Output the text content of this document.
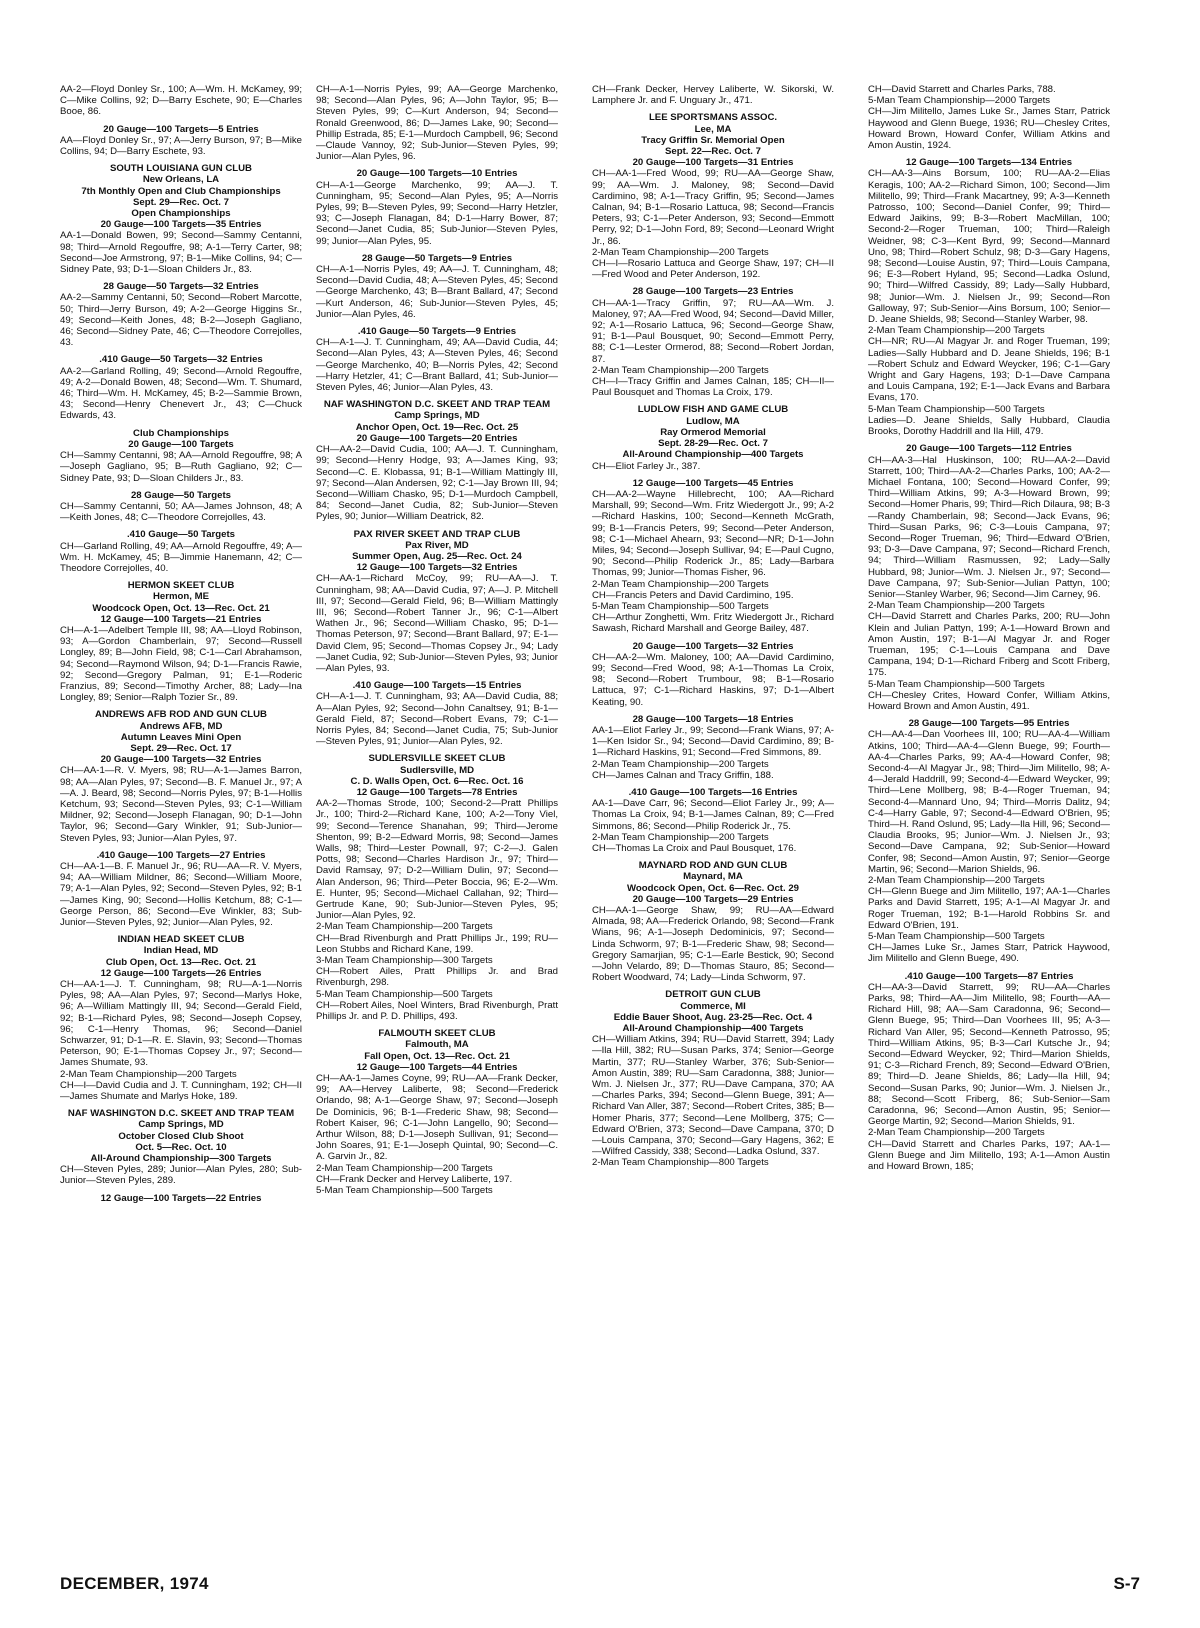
AA-2—Floyd Donley Sr., 100; A—Wm. H. McKamey, 99; C—Mike Collins, 92; D—Barry Eschete, 90; E—Charles Booe, 86.

20 Gauge—100 Targets—5 Entries

AA—Floyd Donley Sr., 97; A—Jerry Burson, 97; B—Mike Collins, 94; D—Barry Eschete, 93.

SOUTH LOUISIANA GUN CLUB
New Orleans, LA
7th Monthly Open and Club Championships
Sept. 29—Rec. Oct. 7
Open Championships
20 Gauge—100 Targets—35 Entries

AA-1—Donald Bowen, 99; Second—Sammy Centanni, 98; Third—Arnold Regouffre, 98; A-1—Terry Carter, 98; Second—Joe Armstrong, 97; B-1—Mike Collins, 94; C—Sidney Pate, 93; D-1—Sloan Childers Jr., 83.

28 Gauge—50 Targets—32 Entries

AA-2—Sammy Centanni, 50; Second—Robert Marcotte, 50; Third—Jerry Burson, 49; A-2—George Higgins Sr., 49; Second—Keith Jones, 48; B-2—Joseph Gagliano, 46; Second—Sidney Pate, 46; C—Theodore Correjolles, 43.

.410 Gauge—50 Targets—32 Entries

AA-2—Garland Rolling, 49; Second—Arnold Regouffre, 49; A-2—Donald Bowen, 48; Second—Wm. T. Shumard, 46; Third—Wm. H. McKamey, 45; B-2—Sammie Brown, 43; Second—Henry Chenevert Jr., 43; C—Chuck Edwards, 43.

Club Championships
20 Gauge—100 Targets

CH—Sammy Centanni, 98; AA—Arnold Regouffre, 98; A—Joseph Gagliano, 95; B—Ruth Gagliano, 92; C—Sidney Pate, 93; D—Sloan Childers Jr., 83.

28 Gauge—50 Targets

CH—Sammy Centanni, 50; AA—James Johnson, 48; A—Keith Jones, 48; C—Theodore Correjolles, 43.

.410 Gauge—50 Targets

CH—Garland Rolling, 49; AA—Arnold Regouffre, 49; A—Wm. H. McKamey, 45; B—Jimmie Hanemann, 42; C—Theodore Correjolles, 40.

HERMON SKEET CLUB
Hermon, ME
Woodcock Open, Oct. 13—Rec. Oct. 21
12 Gauge—100 Targets—21 Entries

CH—A-1—Adelbert Temple III, 98; AA—Lloyd Robinson, 93; A—Gordon Chamberlain, 97; Second—Russell Longley, 89; B—John Field, 98; C-1—Carl Abrahamson, 94; Second—Raymond Wilson, 94; D-1—Francis Rawie, 92; Second—Gregory Palman, 91; E-1—Roderic Franzius, 89; Second—Timothy Archer, 88; Lady—Ina Longley, 89; Senior—Ralph Tozier Sr., 89.

ANDREWS AFB ROD AND GUN CLUB
Andrews AFB, MD
Autumn Leaves Mini Open
Sept. 29—Rec. Oct. 17
20 Gauge—100 Targets—32 Entries

CH—AA-1—R. V. Myers, 98; RU—A-1—James Barron, 98; AA—Alan Pyles, 97; Second—B. F. Manuel Jr., 97; A—A. J. Beard, 98; Second—Norris Pyles, 97; B-1—Hollis Ketchum, 93; Second—Steven Pyles, 93; C-1—William Mildner, 92; Second—Joseph Flanagan, 90; D-1—John Taylor, 96; Second—Gary Winkler, 91; Sub-Junior—Steven Pyles, 93; Junior—Alan Pyles, 97.

.410 Gauge—100 Targets—27 Entries

CH—AA-1—B. F. Manuel Jr., 96; RU—AA—R. V. Myers, 94; AA—William Mildner, 86; Second—William Moore, 79; A-1—Alan Pyles, 92; Second—Steven Pyles, 92; B-1—James King, 90; Second—Hollis Ketchum, 88; C-1—George Person, 86; Second—Eve Winkler, 83; Sub-Junior—Steven Pyles, 92; Junior—Alan Pyles, 92.

INDIAN HEAD SKEET CLUB
Indian Head, MD
Club Open, Oct. 13—Rec. Oct. 21
12 Gauge—100 Targets—26 Entries

CH—AA-1—J. T. Cunningham, 98; RU—A-1—Norris Pyles, 98; AA—Alan Pyles, 97; Second—Marlys Hoke, 96; A—William Mattingly III, 94; Second—Gerald Field, 92; B-1—Richard Pyles, 98; Second—Joseph Copsey, 96; C-1—Henry Thomas, 96; Second—Daniel Schwarzer, 91; D-1—R. E. Slavin, 93; Second—Thomas Peterson, 90; E-1—Thomas Copsey Jr., 97; Second—James Shumate, 93.

2-Man Team Championship—200 Targets

CH—I—David Cudia and J. T. Cunningham, 192; CH—II—James Shumate and Marlys Hoke, 189.

NAF WASHINGTON D.C. SKEET AND TRAP TEAM
Camp Springs, MD
October Closed Club Shoot
Oct. 5—Rec. Oct. 10
All-Around Championship—300 Targets

CH—Steven Pyles, 289; Junior—Alan Pyles, 280; Sub-Junior—Steven Pyles, 289.

12 Gauge—100 Targets—22 Entries

CH—A-1—Norris Pyles, 99; AA—George Marchenko, 98; Second—Alan Pyles, 96; A—John Taylor, 95; B—Steven Pyles, 99; C—Kurt Anderson, 94; Second—Ronald Greenwood, 86; D—James Lake, 90; Second—Phillip Estrada, 85; E-1—Murdoch Campbell, 96; Second—Claude Vannoy, 92; Sub-Junior—Steven Pyles, 99; Junior—Alan Pyles, 96.

20 Gauge—100 Targets—10 Entries

CH—A-1—George Marchenko, 99; AA—J. T. Cunningham, 95; Second—Alan Pyles, 95; A—Norris Pyles, 99; B—Steven Pyles, 99; Second—Harry Hetzler, 93; C—Joseph Flanagan, 84; D-1—Harry Bower, 87; Second—Janet Cudia, 85; Sub-Junior—Steven Pyles, 99; Junior—Alan Pyles, 95.

28 Gauge—50 Targets—9 Entries

CH—A-1—Norris Pyles, 49; AA—J. T. Cunningham, 48; Second—David Cudia, 48; A—Steven Pyles, 45; Second—George Marchenko, 43; B—Brant Ballard, 47; Second—Kurt Anderson, 46; Sub-Junior—Steven Pyles, 45; Junior—Alan Pyles, 46.

.410 Gauge—50 Targets—9 Entries

CH—A-1—J. T. Cunningham, 49; AA—David Cudia, 44; Second—Alan Pyles, 43; A—Steven Pyles, 46; Second—George Marchenko, 40; B—Norris Pyles, 42; Second—Harry Hetzler, 41; C—Brant Ballard, 41; Sub-Junior—Steven Pyles, 46; Junior—Alan Pyles, 43.

NAF WASHINGTON D.C. SKEET AND TRAP TEAM
Camp Springs, MD
Anchor Open, Oct. 19—Rec. Oct. 25
20 Gauge—100 Targets—20 Entries

CH—AA-2—David Cudia, 100; AA—J. T. Cunningham, 99; Second—Henry Hodge, 93; A—James King, 93; Second—C. E. Klobassa, 91; B-1—William Mattingly III, 97; Second—Alan Andersen, 92; C-1—Jay Brown III, 94; Second—William Chasko, 95; D-1—Murdoch Campbell, 84; Second—Janet Cudia, 82; Sub-Junior—Steven Pyles, 90; Junior—William Deatrick, 82.

PAX RIVER SKEET AND TRAP CLUB
Pax River, MD
Summer Open, Aug. 25—Rec. Oct. 24
12 Gauge—100 Targets—32 Entries

CH—AA-1—Richard McCoy, 99; RU—AA—J. T. Cunningham, 98; AA—David Cudia, 97; A—J. P. Mitchell III, 97; Second—Gerald Field, 96; B—William Mattingly III, 96; Second—Robert Tanner Jr., 96; C-1—Albert Wathen Jr., 96; Second—William Chasko, 95; D-1—Thomas Peterson, 97; Second—Brant Ballard, 97; E-1—David Clem, 95; Second—Thomas Copsey Jr., 94; Lady—Janet Cudia, 92; Sub-Junior—Steven Pyles, 93; Junior—Alan Pyles, 93.

.410 Gauge—100 Targets—15 Entries

CH—A-1—J. T. Cunningham, 93; AA—David Cudia, 88; A—Alan Pyles, 92; Second—John Canaltsey, 91; B-1—Gerald Field, 87; Second—Robert Evans, 79; C-1—Norris Pyles, 84; Second—Janet Cudia, 75; Sub-Junior—Steven Pyles, 91; Junior—Alan Pyles, 92.

SUDLERSVILLE SKEET CLUB
Sudlersville, MD
C. D. Walls Open, Oct. 6—Rec. Oct. 16
12 Gauge—100 Targets—78 Entries

AA-2—Thomas Strode, 100; Second-2—Pratt Phillips Jr., 100; Third-2—Richard Kane, 100; A-2—Tony Viel, 99; Second—Terence Shanahan, 99; Third—Jerome Shenton, 99; B-2—Edward Morris, 98; Second—James Walls, 98; Third—Lester Pownall, 97; C-2—J. Galen Potts, 98; Second—Charles Hardison Jr., 97; Third—David Ramsay, 97; D-2—William Dulin, 97; Second—Alan Anderson, 96; Third—Peter Boccia, 96; E-2—Wm. E. Hunter, 95; Second—Michael Callahan, 92; Third—Gertrude Kane, 90; Sub-Junior—Steven Pyles, 95; Junior—Alan Pyles, 92.

2-Man Team Championship—200 Targets

CH—Brad Rivenburgh and Pratt Phillips Jr., 199; RU—Leon Stubbs and Richard Kane, 199.

3-Man Team Championship—300 Targets

CH—Robert Ailes, Pratt Phillips Jr. and Brad Rivenburgh, 298.

5-Man Team Championship—500 Targets

CH—Robert Ailes, Noel Winters, Brad Rivenburgh, Pratt Phillips Jr. and P. D. Phillips, 493.

FALMOUTH SKEET CLUB
Falmouth, MA
Fall Open, Oct. 13—Rec. Oct. 21
12 Gauge—100 Targets—44 Entries

CH—AA-1—James Coyne, 99; RU—AA—Frank Decker, 99; AA—Hervey Laliberte, 98; Second—Frederick Orlando, 98; A-1—George Shaw, 97; Second—Joseph De Dominicis, 96; B-1—Frederic Shaw, 98; Second—Robert Kaiser, 96; C-1—John Langello, 90; Second—Arthur Wilson, 88; D-1—Joseph Sullivan, 91; Second—John Soares, 91; E-1—Joseph Quintal, 90; Second—C. A. Garvin Jr., 82.

2-Man Team Championship—200 Targets

CH—Frank Decker and Hervey Laliberte, 197.

5-Man Team Championship—500 Targets

CH—Frank Decker, Hervey Laliberte, W. Sikorski, W. Lamphere Jr. and F. Unguary Jr., 471.

LEE SPORTSMANS ASSOC.
Lee, MA
Tracy Griffin Sr. Memorial Open
Sept. 22—Rec. Oct. 7
20 Gauge—100 Targets—31 Entries

CH—AA-1—Fred Wood, 99; RU—AA—George Shaw, 99; AA—Wm. J. Maloney, 98; Second—David Cardimino, 98; A-1—Tracy Griffin, 95; Second—James Calnan, 94; B-1—Rosario Lattuca, 98; Second—Francis Peters, 93; C-1—Peter Anderson, 93; Second—Emmott Perry, 92; D-1—John Ford, 89; Second—Leonard Wright Jr., 86.

2-Man Team Championship—200 Targets

CH—I—Rosario Lattuca and George Shaw, 197; CH—II—Fred Wood and Peter Anderson, 192.

28 Gauge—100 Targets—23 Entries

CH—AA-1—Tracy Griffin, 97; RU—AA—Wm. J. Maloney, 97; AA—Fred Wood, 94; Second—David Miller, 92; A-1—Rosario Lattuca, 96; Second—George Shaw, 91; B-1—Paul Bousquet, 90; Second—Emmott Perry, 88; C-1—Lester Ormerod, 88; Second—Robert Jordan, 87.

2-Man Team Championship—200 Targets

CH—I—Tracy Griffin and James Calnan, 185; CH—II—Paul Bousquet and Thomas La Croix, 179.

LUDLOW FISH AND GAME CLUB
Ludlow, MA
Ray Ormerod Memorial
Sept. 28-29—Rec. Oct. 7
All-Around Championship—400 Targets

CH—Eliot Farley Jr., 387.

12 Gauge—100 Targets—45 Entries

CH—AA-2—Wayne Hillebrecht, 100; AA—Richard Marshall, 99; Second—Wm. Fritz Wiedergott Jr., 99; A-2—Richard Haskins, 100; Second—Kenneth McGrath, 99; B-1—Francis Peters, 99; Second—Peter Anderson, 98; C-1—Michael Ahearn, 93; Second—NR; D-1—John Miles, 94; Second—Joseph Sullivar, 94; E—Paul Cugno, 90; Second—Philip Roderick Jr., 85; Lady—Barbara Thomas, 99; Junior—Thomas Fisher, 96.

2-Man Team Championship—200 Targets

CH—Francis Peters and David Cardimino, 195.

5-Man Team Championship—500 Targets

CH—Arthur Zonghetti, Wm. Fritz Wiedergott Jr., Richard Sawash, Richard Marshall and George Bailey, 487.

20 Gauge—100 Targets—32 Entries

CH—AA-2—Wm. Maloney, 100; AA—David Cardimino, 99; Second—Fred Wood, 98; A-1—Thomas La Croix, 98; Second—Robert Trumbour, 98; B-1—Rosario Lattuca, 97; C-1—Richard Haskins, 97; D-1—Albert Keating, 90.

28 Gauge—100 Targets—18 Entries

AA-1—Eliot Farley Jr., 99; Second—Frank Wians, 97; A-1—Ken Isidor Sr., 94; Second—David Cardimino, 89; B-1—Richard Haskins, 91; Second—Fred Simmons, 89.

2-Man Team Championship—200 Targets

CH—James Calnan and Tracy Griffin, 188.

.410 Gauge—100 Targets—16 Entries

AA-1—Dave Carr, 96; Second—Eliot Farley Jr., 99; A—Thomas La Croix, 94; B-1—James Calnan, 89; C—Fred Simmons, 86; Second—Philip Roderick Jr., 75.

2-Man Team Championship—200 Targets

CH—Thomas La Croix and Paul Bousquet, 176.

MAYNARD ROD AND GUN CLUB
Maynard, MA
Woodcock Open, Oct. 6—Rec. Oct. 29
20 Gauge—100 Targets—29 Entries

CH—AA-1—George Shaw, 99; RU—AA—Edward Almada, 98; AA—Frederick Orlando, 98; Second—Frank Wians, 96; A-1—Joseph Dedominicis, 97; Second—Linda Schworm, 97; B-1—Frederic Shaw, 98; Second—Gregory Samarjian, 95; C-1—Earle Bestick, 90; Second—John Velardo, 89; D—Thomas Stauro, 85; Second—Robert Woodward, 74; Lady—Linda Schworm, 97.

DETROIT GUN CLUB
Commerce, MI
Eddie Bauer Shoot, Aug. 23-25—Rec. Oct. 4
All-Around Championship—400 Targets

CH—William Atkins, 394; RU—David Starrett, 394; Lady—Ila Hill, 382; RU—Susan Parks, 374; Senior—George Martin, 377; RU—Stanley Warber, 376; Sub-Senior—Amon Austin, 389; RU—Sam Caradonna, 388; Junior—Wm. J. Nielsen Jr., 377; RU—Dave Campana, 370; AA—Charles Parks, 394; Second—Glenn Buege, 391; A—Richard Van Aller, 387; Second—Robert Crites, 385; B—Homer Pharis, 377; Second—Lene Mollberg, 375; C—Edward O'Brien, 373; Second—Dave Campana, 370; D—Louis Campana, 370; Second—Gary Hagens, 362; E—Wilfred Cassidy, 338; Second—Ladka Oslund, 337.

2-Man Team Championship—800 Targets

CH—David Starrett and Charles Parks, 788.

5-Man Team Championship—2000 Targets

CH—Jim Militello, James Luke Sr., James Starr, Patrick Haywood and Glenn Buege, 1936; RU—Chesley Crites, Howard Brown, Howard Confer, William Atkins and Amon Austin, 1924.

12 Gauge—100 Targets—134 Entries

CH—AA-3—Ains Borsum, 100; RU—AA-2—Elias Keragis, 100; AA-2—Richard Simon, 100; Second—Jim Militello, 99; Third—Frank Macartney, 99; A-3—Kenneth Patrosso, 100; Second—Daniel Confer, 99; Third—Edward Jaikins, 99; B-3—Robert MacMillan, 100; Second-2—Roger Trueman, 100; Third—Raleigh Weidner, 98; C-3—Kent Byrd, 99; Second—Mannard Uno, 98; Third—Robert Schulz, 98; D-3—Gary Hagens, 98; Second—Louise Austin, 97; Third—Louis Campana, 96; E-3—Robert Hyland, 95; Second—Ladka Oslund, 90; Third—Wilfred Cassidy, 89; Lady—Sally Hubbard, 98; Junior—Wm. J. Nielsen Jr., 99; Second—Ron Galloway, 97; Sub-Senior—Ains Borsum, 100; Senior—D. Jeane Shields, 98; Second—Stanley Warber, 98.

2-Man Team Championship—200 Targets

CH—NR; RU—Al Magyar Jr. and Roger Trueman, 199; Ladies—Sally Hubbard and D. Jeane Shields, 196; B-1—Robert Schulz and Edward Weycker, 196; C-1—Gary Wright and Gary Hagens, 193; D-1—Dave Campana and Louis Campana, 192; E-1—Jack Evans and Barbara Evans, 170.

5-Man Team Championship—500 Targets

Ladies—D. Jeane Shields, Sally Hubbard, Claudia Brooks, Dorothy Haddrill and Ila Hill, 479.

20 Gauge—100 Targets—112 Entries

CH—AA-3—Hal Huskinson, 100; RU—AA-2—David Starrett, 100; Third—AA-2—Charles Parks, 100; AA-2—Michael Fontana, 100; Second—Howard Confer, 99; Third—William Atkins, 99; A-3—Howard Brown, 99; Second—Homer Pharis, 99; Third—Rich Dilaura, 98; B-3—Randy Chamberlain, 98; Second—Jack Evans, 96; Third—Susan Parks, 96; C-3—Louis Campana, 97; Second—Roger Trueman, 96; Third—Edward O'Brien, 93; D-3—Dave Campana, 97; Second—Richard French, 94; Third—William Rasmussen, 92; Lady—Sally Hubbard, 98; Junior—Wm. J. Nielsen Jr., 97; Second—Dave Campana, 97; Sub-Senior—Julian Pattyn, 100; Senior—Stanley Warber, 96; Second—Jim Carney, 96.

2-Man Team Championship—200 Targets

CH—David Starrett and Charles Parks, 200; RU—John Klein and Julian Pattyn, 199; A-1—Howard Brown and Amon Austin, 197; B-1—Al Magyar Jr. and Roger Trueman, 195; C-1—Louis Campana and Dave Campana, 194; D-1—Richard Friberg and Scott Friberg, 175.

5-Man Team Championship—500 Targets

CH—Chesley Crites, Howard Confer, William Atkins, Howard Brown and Amon Austin, 491.

28 Gauge—100 Targets—95 Entries

CH—AA-4—Dan Voorhees III, 100; RU—AA-4—William Atkins, 100; Third—AA-4—Glenn Buege, 99; Fourth—AA-4—Charles Parks, 99; AA-4—Howard Confer, 98; Second-4—Al Magyar Jr., 98; Third—Jim Militello, 98; A-4—Jerald Haddrill, 99; Second-4—Edward Weycker, 99; Third—Lene Mollberg, 98; B-4—Roger Trueman, 94; Second-4—Mannard Uno, 94; Third—Morris Dalitz, 94; C-4—Harry Gable, 97; Second-4—Edward O'Brien, 95; Third—H. Rand Oslund, 95; Lady—Ila Hill, 96; Second—Claudia Brooks, 95; Junior—Wm. J. Nielsen Jr., 93; Second—Dave Campana, 92; Sub-Senior—Howard Confer, 98; Second—Amon Austin, 97; Senior—George Martin, 96; Second—Marion Shields, 96.

2-Man Team Championship—200 Targets

CH—Glenn Buege and Jim Militello, 197; AA-1—Charles Parks and David Starrett, 195; A-1—Al Magyar Jr. and Roger Trueman, 192; B-1—Harold Robbins Sr. and Edward O'Brien, 191.

5-Man Team Championship—500 Targets

CH—James Luke Sr., James Starr, Patrick Haywood, Jim Militello and Glenn Buege, 490.

.410 Gauge—100 Targets—87 Entries

CH—AA-3—David Starrett, 99; RU—AA—Charles Parks, 98; Third—AA—Jim Militello, 98; Fourth—AA—Richard Hill, 98; AA—Sam Caradonna, 96; Second—Glenn Buege, 95; Third—Dan Voorhees III, 95; A-3—Richard Van Aller, 95; Second—Kenneth Patrosso, 95; Third—William Atkins, 95; B-3—Carl Kutsche Jr., 94; Second—Edward Weycker, 92; Third—Marion Shields, 91; C-3—Richard French, 89; Second—Edward O'Brien, 89; Third—D. Jeane Shields, 86; Lady—Ila Hill, 94; Second—Susan Parks, 90; Junior—Wm. J. Nielsen Jr., 88; Second—Scott Friberg, 86; Sub-Senior—Sam Caradonna, 96; Second—Amon Austin, 95; Senior—George Martin, 92; Second—Marion Shields, 91.

2-Man Team Championship—200 Targets

CH—David Starrett and Charles Parks, 197; AA-1—Glenn Buege and Jim Militello, 193; A-1—Amon Austin and Howard Brown, 185;

DECEMBER, 1974	S-7
